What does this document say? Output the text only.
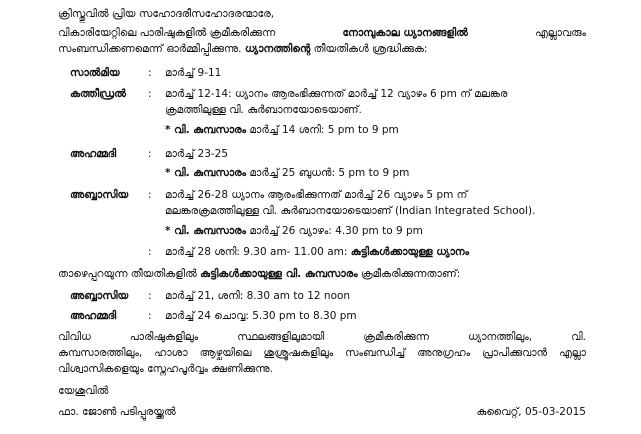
ക്രിസ്തുവിൽ പ്രിയ സഹോദരീസഹോദരന്മാരേ,
വികാരിയേറ്റിലെ പാരിഷുകളിൽ ക്രമീകരിക്കുന്ന	നോമ്പുകാല ധ്യാനങ്ങളിൽ	എല്ലാവരും
സംബന്ധിക്കണമെന്ന് ഓർമ്മിപ്പിക്കുന്നു. ധ്യാനത്തിന്റെ തീയതികൾ ശ്രദ്ധിക്കുക:
സാൽമിയ	: മാർച്ച് 9-11
കത്തീഡ്രൽ : മാർച്ച് 12-14: ധ്യാനം ആരംഭിക്കുന്നത് മാർച്ച് 12 വ്യാഴം 6 pm ന് മലങ്കര
ക്രമത്തിലുള്ള വി. കുർബാനയോടെയാണ്.
* വി. കുമ്പസാരം മാർച്ച് 14 ശനി: 5 pm to 9 pm
അഹമ്മദി	: മാർച്ച് 23-25
* വി. കുമ്പസാരം മാർച്ച് 25 ബുധൻ: 5 pm to 9 pm
അബ്ബാസിയ : മാർച്ച് 26-28 ധ്യാനം ആരംഭിക്കുന്നത് മാർച്ച് 26 വ്യാഴം 5 pm ന്
മലങ്കരക്രമത്തിലുള്ള വി. കുർബാനയോടെയാണ് (Indian Integrated School).
* വി. കുമ്പസാരം മാർച്ച് 26 വ്യാഴം: 4.30 pm to 9 pm
: മാർച്ച് 28 ശനി: 9.30 am- 11.00 am: കുട്ടികൾക്കായുള്ള ധ്യാനം
താഴെപ്പറയുന്ന തീയതികളിൽ കുട്ടികൾക്കായുള്ള വി. കുമ്പസാരം ക്രമീകരിക്കുന്നതാണ്:
അബ്ബാസിയ : മാർച്ച് 21, ശനി: 8.30 am to 12 noon
അഹമ്മദി	: മാർച്ച് 24 ചൊവ്വ: 5.30 pm to 8.30 pm
വിവിധ പാരിഷുകളിലും സ്ഥലങ്ങളിലുമായി ക്രമീകരിക്കുന്ന ധ്യാനത്തിലും, വി.
കുമ്പസാരത്തിലും, ഹാശാ ആഴ്ചയിലെ ശുശ്രൂഷകളിലും സംബന്ധിച്ച് അനുഗ്രഹം പ്രാപിക്കുവാൻ എല്ലാ
വിശ്വാസികളെയും സ്നേഹപൂർവ്വം ക്ഷണിക്കുന്നു.
യേശുവിൽ
ഫാ. ജോൺ പടിപ്പുരയ്ക്കൽ	കുവൈറ്റ്, 05-03-2015
